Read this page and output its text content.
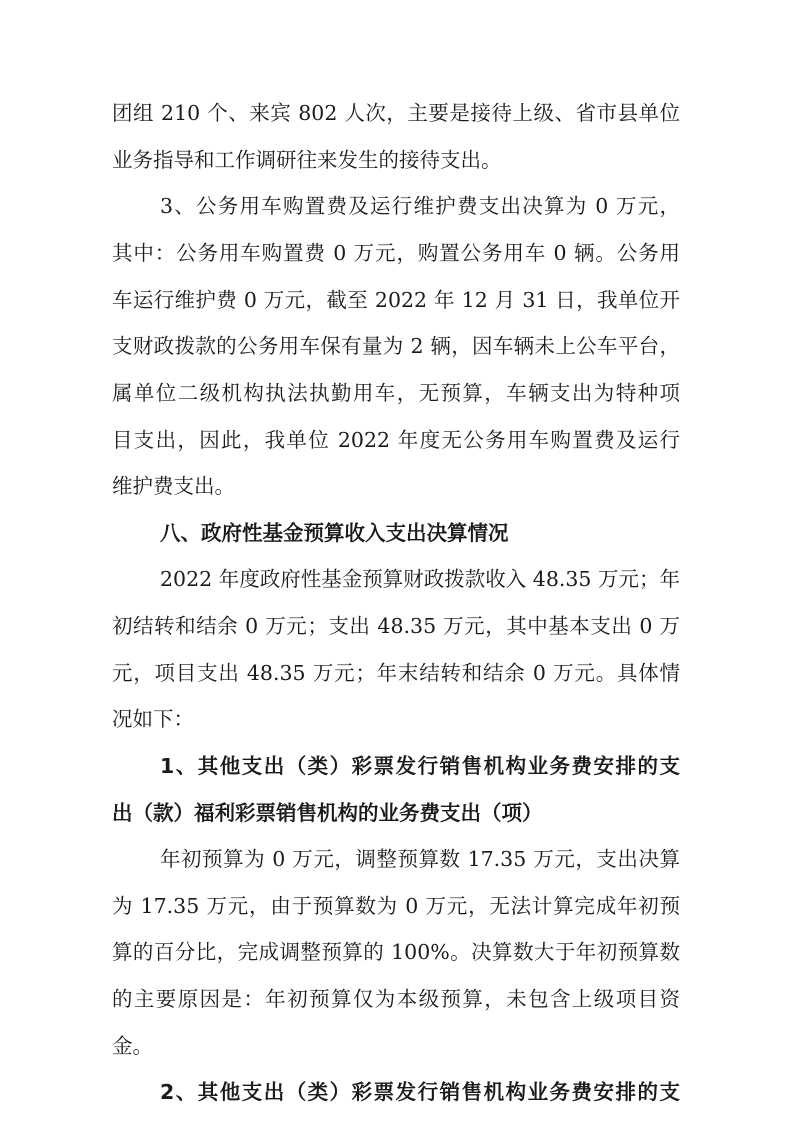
团组 210 个、来宾 802 人次，主要是接待上级、省市县单位
业务指导和工作调研往来发生的接待支出。
3、公务用车购置费及运行维护费支出决算为 0 万元，
其中：公务用车购置费 0 万元，购置公务用车 0 辆。公务用
车运行维护费 0 万元，截至 2022 年 12 月 31 日，我单位开
支财政拨款的公务用车保有量为 2 辆，因车辆未上公车平台，
属单位二级机构执法执勤用车，无预算，车辆支出为特种项
目支出，因此，我单位 2022 年度无公务用车购置费及运行
维护费支出。
八、政府性基金预算收入支出决算情况
2022 年度政府性基金预算财政拨款收入 48.35 万元；年
初结转和结余 0 万元；支出 48.35 万元，其中基本支出 0 万
元，项目支出 48.35 万元；年末结转和结余 0 万元。具体情
况如下：
1、其他支出（类）彩票发行销售机构业务费安排的支
出（款）福利彩票销售机构的业务费支出（项）
年初预算为 0 万元，调整预算数 17.35 万元，支出决算
为 17.35 万元，由于预算数为 0 万元，无法计算完成年初预
算的百分比，完成调整预算的 100%。决算数大于年初预算数
的主要原因是：年初预算仅为本级预算，未包含上级项目资
金。
2、其他支出（类）彩票发行销售机构业务费安排的支
